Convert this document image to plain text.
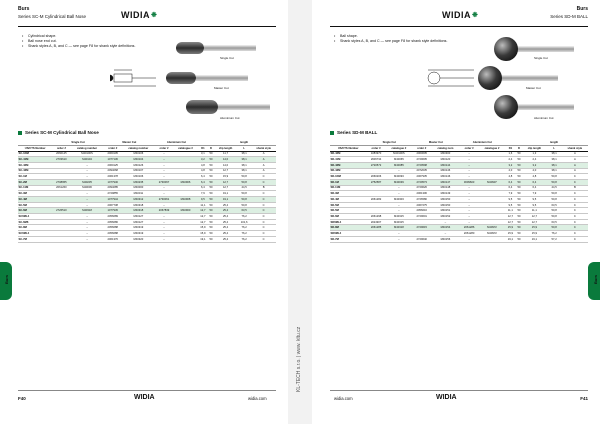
KL-TECH s.r.o. | www. kltu.cz
Burs
Burs
Series SC-M Cylindrical Ball Nose	WIDIA ❉
• Cylindrical shape.
• Ball nose end cut.
• Shank styles A, B, and C — see page F8 for shank style definitions.
Single Cut
Master Cut
Aluminium Cut
Series SC-M Cylindrical Ball Nose
	Single Cut		Master Cut		Aluminium Cut					length	
US/CTS Number	order #	catalog number	order #	catalog number	order #	catalogue #	D1	D	clip length	L	shank style
SC-1DM	2060125	M40100S	2060105	M40106	–		3,1	50	11,7	38,1	A
SC-41M	2703610	M40104	1077136	M40104	–		3,2	50	14,0	38,1	A
SC-42M		–	2060125	M40126	–		4,8	50	14,0	38,1	A
SC-43M		–	2094068	M40107	–		4,8	50	12,7	38,1	A
SC-1M		–	2061378	M40106	–		6,4	50	15,9	50,8	C
SC-2M	2708955	M40235	1077946	M40235	2730067	M40906	6,4	50	12,7	50,8	C
SC-11M	2061260	M40006	2094085	M40000	–		6,4	50	12,7	44,5	B
SC-3M		–	2729855	M40311	–		7,9	50	19,1	50,8	C
SC-4M		–	1077944	M40312	2730061	M40908	9,5	50	19,1	50,8	C
SC-5M		–	2067738	M40318	–		11,1	50	25,4	50,8	C
SC-6M	2726510	M40318	1077945	M40318	2067839	M40900	12,7	50	25,4	63,5	C
SC6ML4		–	2056689	M40127	–		12,7	50	25,4	76,2	C
SC-6M6		–	2056686	M40127	–		12,7	50	25,4	101,6	C
SC-8M		–	2056688	M40319	–		15,9	50	25,4	76,2	C
SC6ML4		–	2056688	M40319	–		15,9	50	25,4	76,2	C
SC-7M		–	2061376	M40320	–		19,1	50	25,4	76,2	C
F40	WIDIA	widia.com
Burs
Burs
Series SD-M BALL
WIDIA ❉
• Ball shape.
• Shank styles A, B, and C — see page F8 for shank style definitions.
Single Cut
Master Cut
Aluminium Cut
Series SD-M BALL
	Single Cut		Master Cut		Aluminium Cut					length	
US/CTS Number	order #	catalogue #	order #	catalog num	order #	catalogue #	D1	D	clip length	L	shank style
SD-42M	1083970	M40100S	2060605	M40300	–		1,6	50	1,3	38,1	A
SD-41M	2606734	M40065	2729605	M40120	–		2,4	50	2,4	38,1	A
SD-42M	2720572	M40085	2729598	M40144	–		3,2	50	3,2	38,1	A
SD-43M		–	2072035	M40146	–		4,0	50	4,0	38,1	A
SD-1DM	2060206	M40093	2067935	M40146	–		4,8	50	4,8	50,8	C
SD-1M	2752587	M40039	2729573	M40147	3009603	M40937	6,4	50	6,4	50,8	C
SD-11M		–	2729626	M40148	–		6,4	50	6,4	44,5	B
SD-3M		–	2061306	M40149	–		7,9	50	7,9	50,8	C
SD-4M	2061282	M40303	2726580	M40150	–		9,5	50	9,5	50,8	C
SD-5M		–	2067275	M40150	–		9,5	50	9,5	63,5	C
SD-5M		–	2056616	M40151	–		11,1	50	11,1	50,8	C
SD-6M	2061298	M40315	2729601	M40152	–		12,7	50	12,7	50,8	C
SD6ML4	2024907	M40315		–	–		12,7	50	12,7	63,5	C
SD-8M	2061285	M40318	2729615	M40154	2061286	M40972	15,9	50	15,9	50,8	C
SD6ML4		–		–	2061280	M40972	15,9	50	15,9	76,2	C
SD-7M		–	2729640	M40156	–		19,1	50	19,1	57,2	C
F41
WIDIA
widia.com
